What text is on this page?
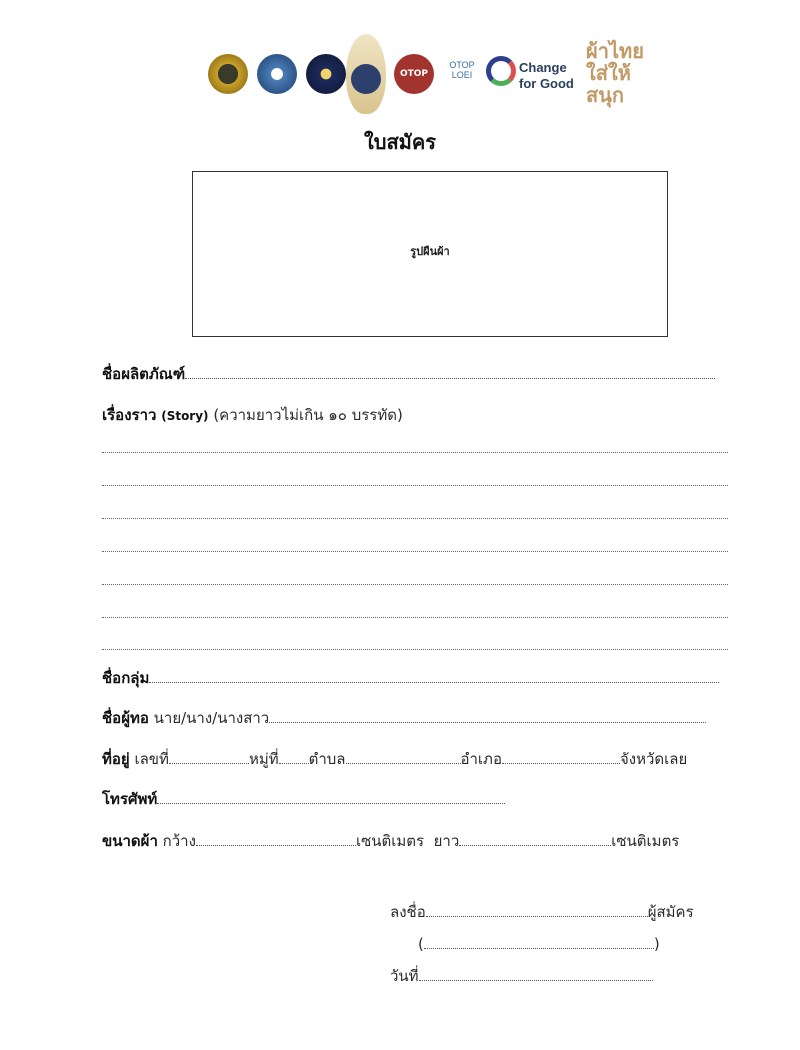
OTOP
OTOP LOEI	Change for Good
ผ้าไทย ใส่ให้สนุก
ใบสมัคร
รูปผืนผ้า
ชื่อผลิตภัณฑ์
เรื่องราว (Story) (ความยาวไม่เกิน ๑๐ บรรทัด)
ชื่อกลุ่ม
ชื่อผู้ทอ นาย/นาง/นางสาว
ที่อยู่ เลขที่	หมู่ที่ ตำบล	อำเภอ	จังหวัดเลย
โทรศัพท์
ขนาดผ้า กว้าง	เซนติเมตร ยาว	เซนติเมตร
ลงชื่อ	ผู้สมัคร
(	)
วันที่
